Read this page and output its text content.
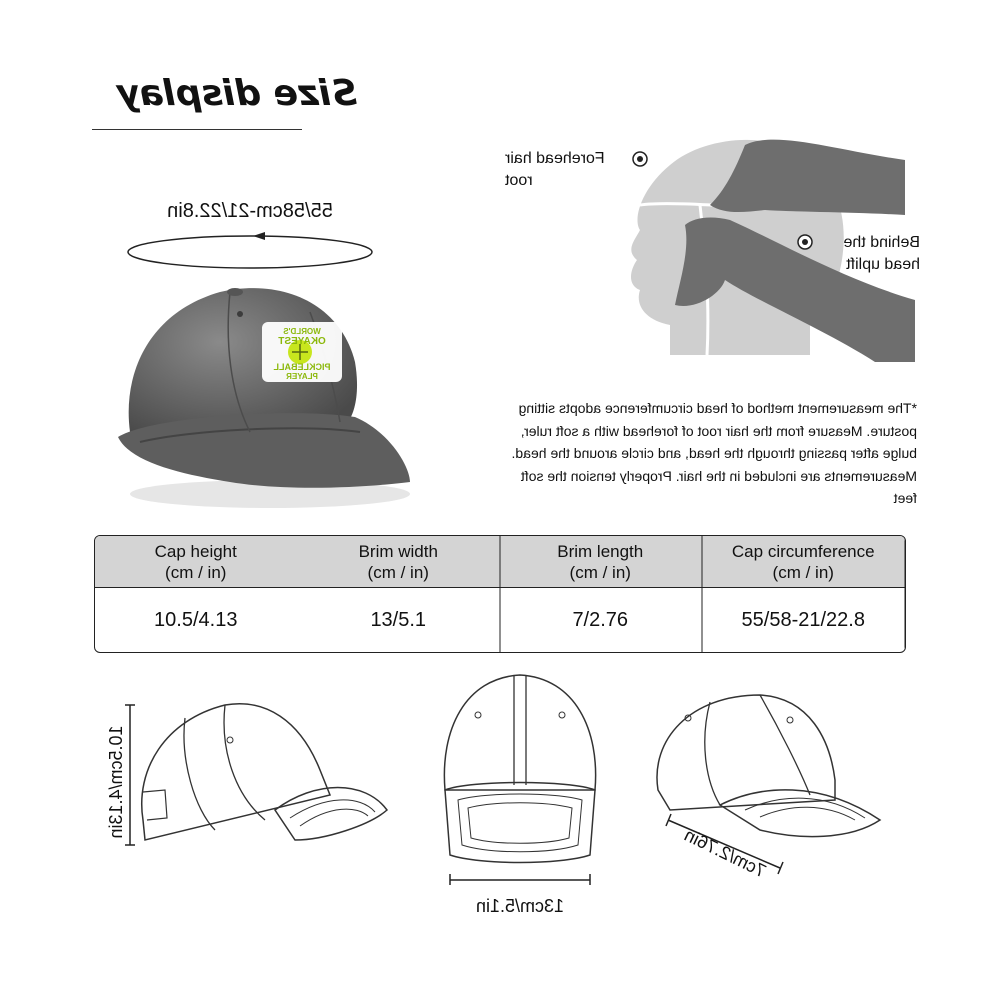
Size display
55/58cm-21/22.8in
WORLD'S
OKAYEST
PICKLEBALL
PLAYER
Forehead hair
root
Behind the
head uplift
*The measurement method of head circumference adopts sitting posture. Measure from the hair root of forehead with a soft ruler, bulge after passing through the head, and circle around the head. Measurements are included in the hair. Properly tension the soft feet
Cap circumference
(cm / in)
Brim length
(cm / in)
Brim width
(cm / in)
Cap height
(cm / in)
55/58-21/22.8
7/2.76
13/5.1
10.5/4.13
10.5cm/4.13in
13cm/5.1in
7cm/2.76in
